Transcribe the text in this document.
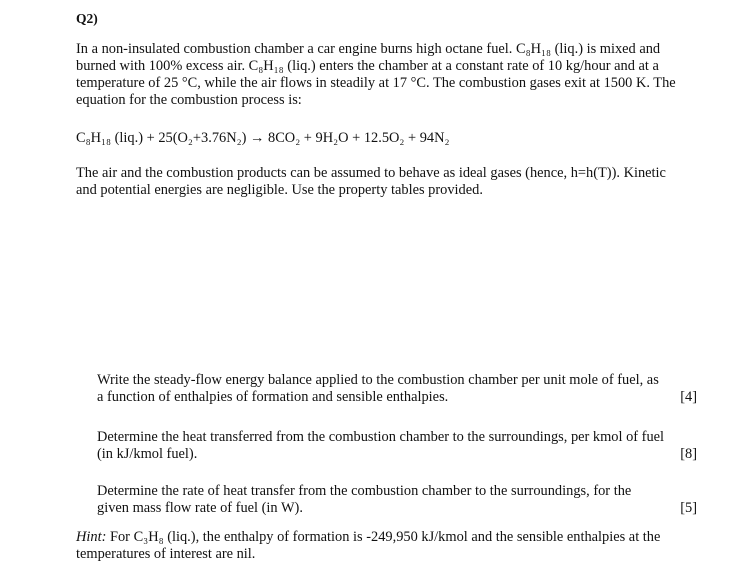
Q2)
In a non-insulated combustion chamber a car engine burns high octane fuel. C₈H₁₈ (liq.) is mixed and
burned with 100% excess air. C₈H₁₈ (liq.) enters the chamber at a constant rate of 10 kg/hour and at a
temperature of 25 °C, while the air flows in steadily at 17 °C. The combustion gases exit at 1500 K. The
equation for the combustion process is:
C₈H₁₈ (liq.) + 25(O₂+3.76N₂) → 8CO₂ + 9H₂O + 12.5O₂ + 94N₂
The air and the combustion products can be assumed to behave as ideal gases (hence, h=h(T)). Kinetic
and potential energies are negligible. Use the property tables provided.
Write the steady-flow energy balance applied to the combustion chamber per unit mole of fuel, as
a function of enthalpies of formation and sensible enthalpies.	[4]
Determine the heat transferred from the combustion chamber to the surroundings, per kmol of fuel
(in kJ/kmol fuel).	[8]
Determine the rate of heat transfer from the combustion chamber to the surroundings, for the
given mass flow rate of fuel (in W).	[5]
Hint: For C₃H₈ (liq.), the enthalpy of formation is -249,950 kJ/kmol and the sensible enthalpies at the
temperatures of interest are nil.
